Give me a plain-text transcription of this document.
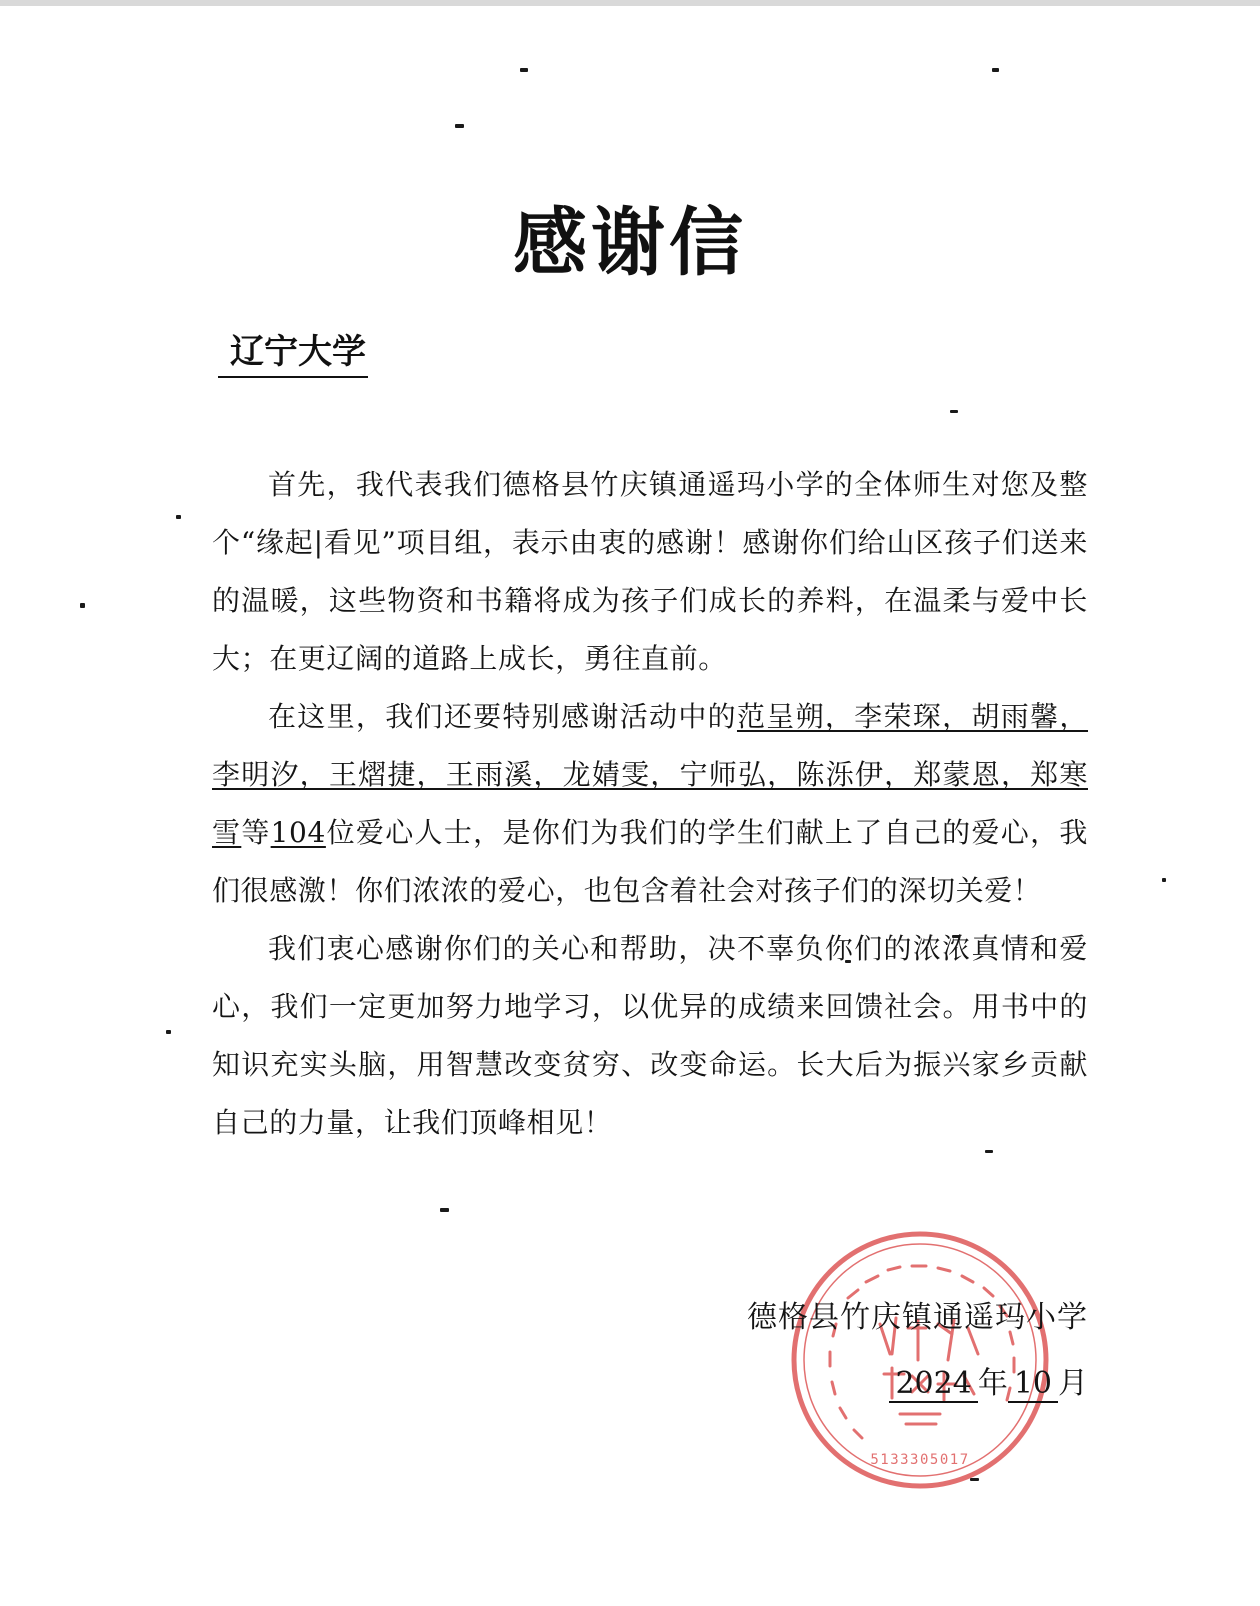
感谢信
辽宁大学

首先，我代表我们德格县竹庆镇通遥玛小学的全体师生对您及整个“缘起|看见”项目组，表示由衷的感谢！感谢你们给山区孩子们送来的温暖，这些物资和书籍将成为孩子们成长的养料，在温柔与爱中长大；在更辽阔的道路上成长，勇往直前。

在这里，我们还要特别感谢活动中的范呈朔，李荣琛，胡雨馨，李明汐，王熠捷，王雨溪，龙婧雯，宁师弘，陈泺伊，郑蒙恩，郑寒雪等104位爱心人士，是你们为我们的学生们献上了自己的爱心，我们很感激！你们浓浓的爱心，也包含着社会对孩子们的深切关爱！

我们衷心感谢你们的关心和帮助，决不辜负你们的浓浓真情和爱心，我们一定更加努力地学习，以优异的成绩来回馈社会。用书中的知识充实头脑，用智慧改变贫穷、改变命运。长大后为振兴家乡贡献自己的力量，让我们顶峰相见！

5133305017
德格县竹庆镇通遥玛小学
2024 年 10 月
